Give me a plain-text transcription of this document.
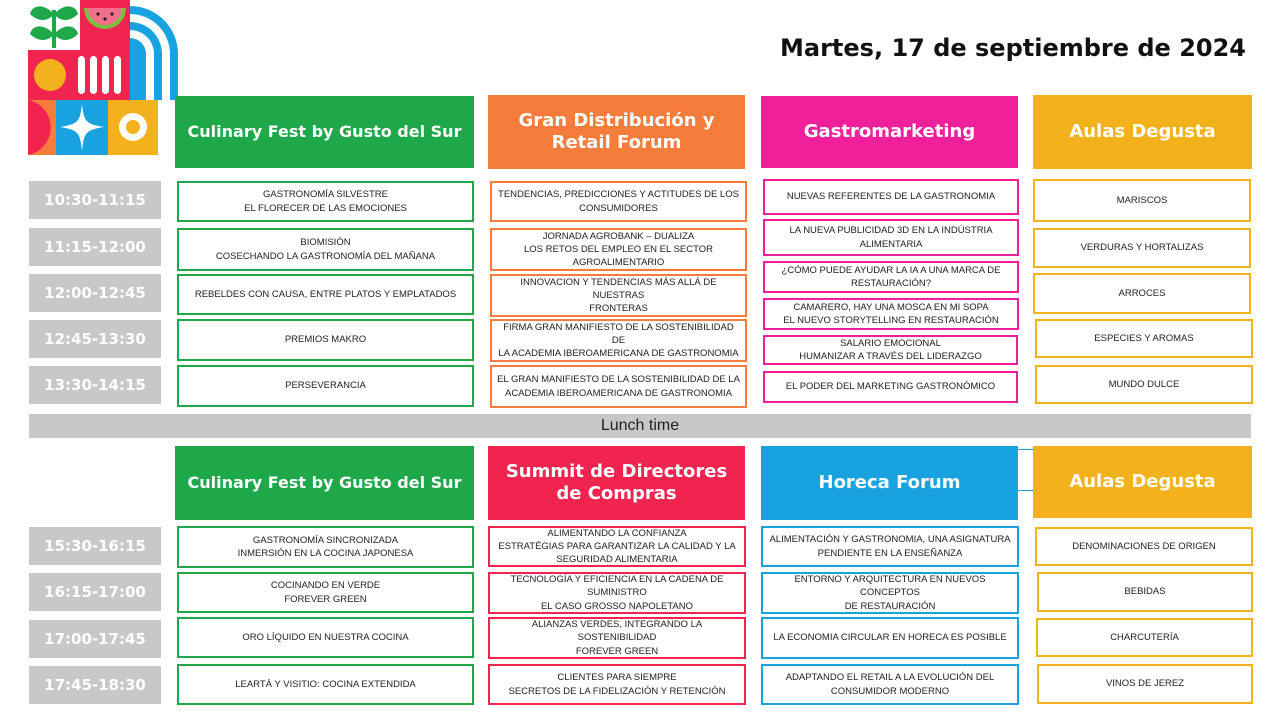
Martes, 17 de septiembre de 2024
Culinary Fest by Gusto del Sur
Gran Distribución y Retail Forum
Gastromarketing	Aulas Degusta
10:30-11:15
11:15-12:00
12:00-12:45
12:45-13:30
13:30-14:15
GASTRONOMÍA SILVESTRE
EL FLORECER DE LAS EMOCIONES
BIOMISIÓN
COSECHANDO LA GASTRONOMÍA DEL MAÑANA
REBELDES CON CAUSA, ENTRE PLATOS Y EMPLATADOS
PREMIOS MAKRO
PERSEVERANCIA
TENDENCIAS, PREDICCIONES Y ACTITUDES DE LOS
CONSUMIDORES
JORNADA AGROBANK – DUALIZA
LOS RETOS DEL EMPLEO EN EL SECTOR
AGROALIMENTARIO
INNOVACION Y TENDENCIAS MÁS ALLÁ DE NUESTRAS
FRONTERAS
FIRMA GRAN MANIFIESTO DE LA SOSTENIBILIDAD DE
LA ACADEMIA IBEROAMERICANA DE GASTRONOMIA
EL GRAN MANIFIESTO DE LA SOSTENIBILIDAD DE LA
ACADEMIA IBEROAMERICANA DE GASTRONOMIA
NUEVAS REFERENTES DE LA GASTRONOMIA
LA NUEVA PUBLICIDAD 3D EN LA INDÚSTRIA
ALIMENTARIA
¿CÓMO PUEDE AYUDAR LA IA A UNA MARCA DE
RESTAURACIÓN?
CAMARERO, HAY UNA MOSCA EN MI SOPA
EL NUEVO STORYTELLING EN RESTAURACIÓN
SALARIO EMOCIONAL
HUMANIZAR A TRAVÉS DEL LIDERAZGO
EL PODER DEL MARKETING GASTRONÓMICO
MARISCOS
VERDURAS Y HORTALIZAS
ARROCES
ESPECIES Y AROMAS
MUNDO DULCE
Lunch time
Culinary Fest by Gusto del Sur
Summit de Directores de Compras
Horeca Forum	Aulas Degusta
15:30-16:15
16:15-17:00
17:00-17:45
17:45-18:30
GASTRONOMÍA SINCRONIZADA
INMERSIÓN EN LA COCINA JAPONESA
COCINANDO EN VERDE
FOREVER GREEN
ORO LÍQUIDO EN NUESTRA COCINA
LEARTÁ Y VISITIO: COCINA EXTENDIDA
ALIMENTANDO LA CONFIANZA
ESTRATÉGIAS PARA GARANTIZAR LA CALIDAD Y LA
SEGURIDAD ALIMENTARIA
TECNOLOGÍA Y EFICIENCIA EN LA CADENA DE
SUMINISTRO
EL CASO GROSSO NAPOLETANO
ALIANZAS VERDES, INTEGRANDO LA SOSTENIBILIDAD
FOREVER GREEN
CLIENTES PARA SIEMPRE
SECRETOS DE LA FIDELIZACIÓN Y RETENCIÓN
ALIMENTACIÓN Y GASTRONOMIA, UNA ASIGNATURA
PENDIENTE EN LA ENSEÑANZA
ENTORNO Y ARQUITECTURA EN NUEVOS CONCEPTOS
DE RESTAURACIÓN
LA ECONOMIA CIRCULAR EN HORECA ES POSIBLE
ADAPTANDO EL RETAIL A LA EVOLUCIÓN DEL
CONSUMIDOR MODERNO
DENOMINACIONES DE ORIGEN
BEBIDAS
CHARCUTERÍA
VINOS DE JEREZ
